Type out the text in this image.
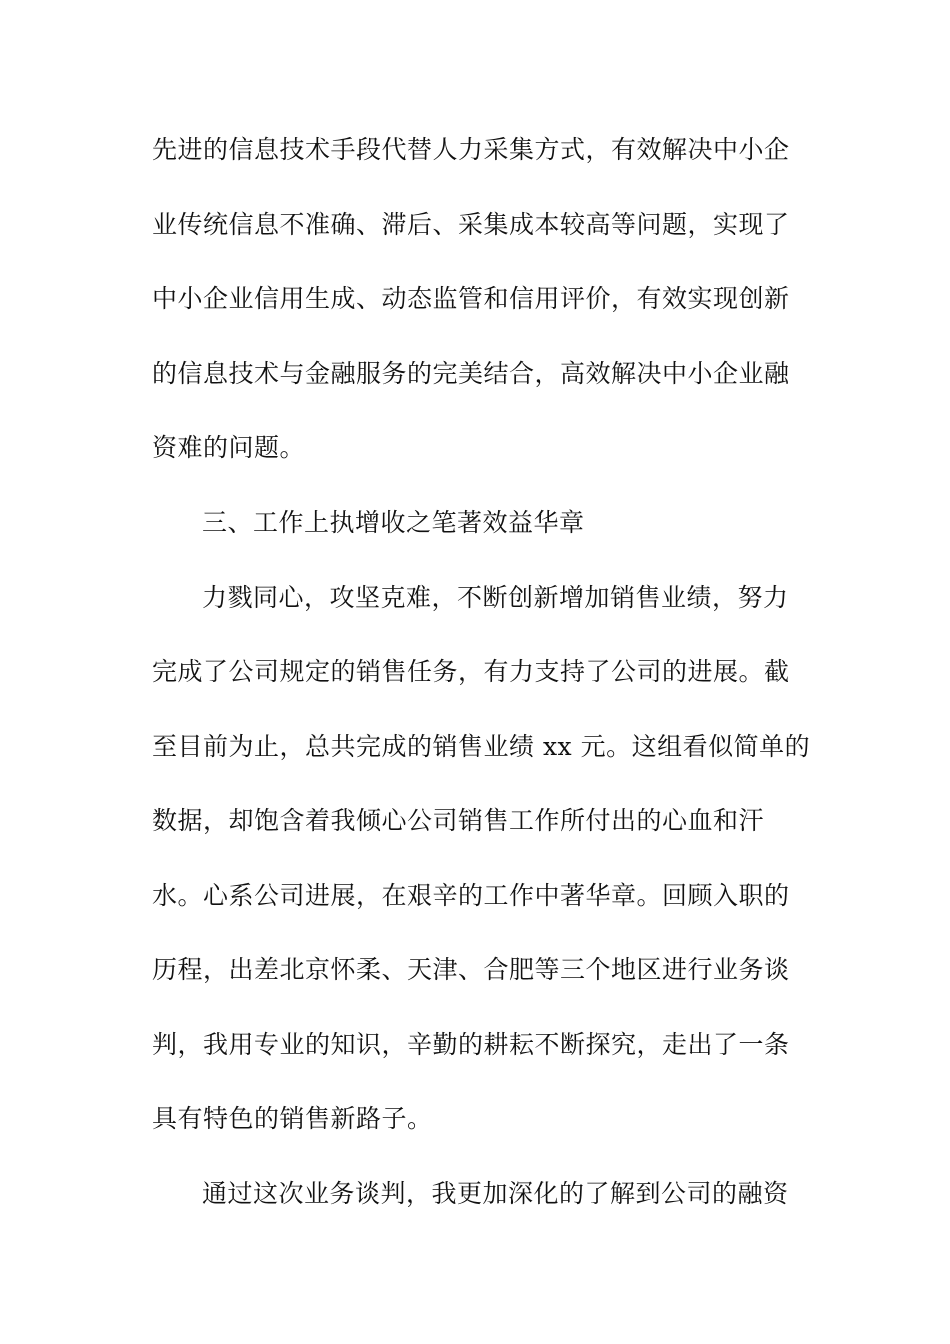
先进的信息技术手段代替人力采集方式，有效解决中小企
业传统信息不准确、滞后、采集成本较高等问题，实现了
中小企业信用生成、动态监管和信用评价，有效实现创新
的信息技术与金融服务的完美结合，高效解决中小企业融
资难的问题。
三、工作上执增收之笔著效益华章
力戮同心，攻坚克难，不断创新增加销售业绩，努力
完成了公司规定的销售任务，有力支持了公司的进展。截
至目前为止，总共完成的销售业绩 xx 元。这组看似简单的
数据，却饱含着我倾心公司销售工作所付出的心血和汗
水。心系公司进展，在艰辛的工作中著华章。回顾入职的
历程，出差北京怀柔、天津、合肥等三个地区进行业务谈
判，我用专业的知识，辛勤的耕耘不断探究，走出了一条
具有特色的销售新路子。
通过这次业务谈判，我更加深化的了解到公司的融资
